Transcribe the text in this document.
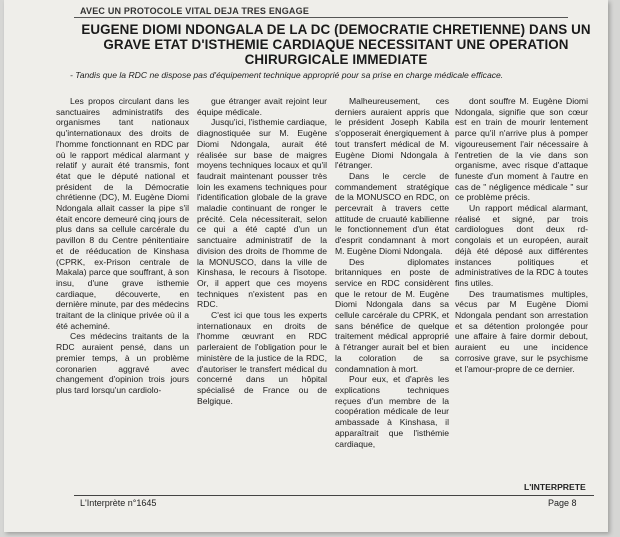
AVEC UN PROTOCOLE VITAL DEJA TRES ENGAGE
EUGENE DIOMI NDONGALA DE LA DC (DEMOCRATIE CHRETIENNE) DANS UN GRAVE ETAT D'ISTHEMIE CARDIAQUE NECESSITANT UNE OPERATION CHIRURGICALE IMMEDIATE
- Tandis que la RDC ne dispose pas d'équipement technique approprié pour sa prise en charge médicale efficace.

Les propos circulant dans les sanctuaires administratifs des organismes tant nationaux qu'internationaux des droits de l'homme fonctionnant en RDC par où le rapport médical alarmant y relatif y aurait été transmis, font état que le député national et président de la Démocratie chrétienne (DC), M. Eugène Diomi Ndongala allait casser la pipe s'il était encore demeuré cinq jours de plus dans sa cellule carcérale du pavillon 8 du Centre pénitentiaire et de rééducation de Kinshasa (CPRK, ex-Prison centrale de Makala) parce que souffrant, à son insu, d'une grave isthemie cardiaque, découverte, en dernière minute, par des médecins traitant de la clinique privée où il a été acheminé.

Ces médecins traitants de la RDC auraient pensé, dans un premier temps, à un problème coronarien aggravé avec changement d'opinion trois jours plus tard lorsqu'un cardiolo-

gue étranger avait rejoint leur équipe médicale.

Jusqu'ici, l'isthemie cardiaque, diagnostiquée sur M. Eugène Diomi Ndongala, aurait été réalisée sur base de maigres moyens techniques locaux et qu'il faudrait maintenant pousser très loin les examens techniques pour l'identification globale de la grave maladie continuant de ronger le précité. Cela nécessiterait, selon ce qui a été capté d'un un sanctuaire administratif de la division des droits de l'homme de la MONUSCO, dans la ville de Kinshasa, le recours à l'isotope. Or, il appert que ces moyens techniques n'existent pas en RDC.

C'est ici que tous les experts internationaux en droits de l'homme œuvrant en RDC parleraient de l'obligation pour le ministère de la justice de la RDC, d'autoriser le transfert médical du concerné dans un hôpital spécialisé de France ou de Belgique.

Malheureusement, ces derniers auraient appris que le président Joseph Kabila s'opposerait énergiquement à tout transfert médical de M. Eugène Diomi Ndongala à l'étranger.

Dans le cercle de commandement stratégique de la MONUSCO en RDC, on percevrait à travers cette attitude de cruauté kabilienne le fonctionnement d'un état d'esprit condamnant à mort M. Eugène Diomi Ndongala.

Des diplomates britanniques en poste de service en RDC considèrent que le retour de M. Eugène Diomi Ndongala dans sa cellule carcérale du CPRK, et sans bénéfice de quelque traitement médical approprié à l'étranger aurait bel et bien la coloration de sa condamnation à mort.

Pour eux, et d'après les explications techniques reçues d'un membre de la coopération médicale de leur ambassade à Kinshasa, il apparaîtrait que l'isthémie cardiaque,

dont souffre M. Eugène Diomi Ndongala, signifie que son cœur est en train de mourir lentement parce qu'il n'arrive plus à pomper vigoureusement l'air nécessaire à l'entretien de la vie dans son organisme, avec risque d'attaque funeste d'un moment à l'autre en cas de " négligence médicale " sur ce problème précis.

Un rapport médical alarmant, réalisé et signé, par trois cardiologues dont deux rd-congolais et un européen, aurait déjà été déposé aux différentes instances politiques et administratives de la RDC à toutes fins utiles.

Des traumatismes multiples, vécus par M Eugène Diomi Ndongala pendant son arrestation et sa détention prolongée pour une affaire à faire dormir debout, auraient eu une incidence corrosive grave, sur le psychisme et l'amour-propre de ce dernier.

L'INTERPRETE
L'Interprète n°1645	Page 8
